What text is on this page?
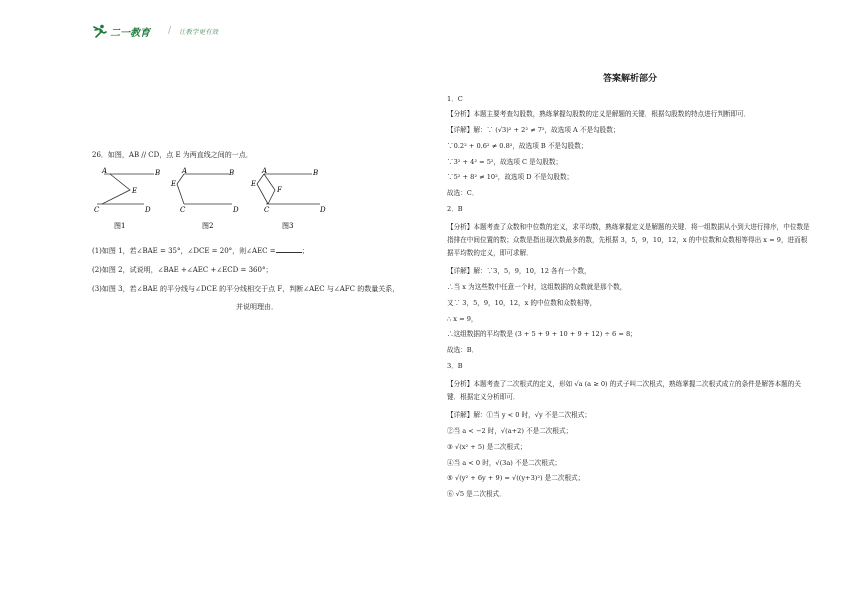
二一教育 / 让教学更有效
26．如图，AB // CD，点 E 为两直线之间的一点．
A	B
E
C	D
A	B
E
C	D
A	B
E
F
C	D
图1	图2	图3
(1)如图 1，若∠BAE = 35°，∠DCE = 20°，则∠AEC =	；
(2)如图 2，试说明，∠BAE +∠AEC +∠ECD = 360°；
(3)如图 3，若∠BAE 的平分线与∠DCE 的平分线相交于点 F，判断∠AEC 与∠AFC 的数量关系，
并说明理由．
答案解析部分
1．C
【分析】本题主要考查勾股数，熟练掌握勾股数的定义是解题的关键．根据勾股数的特点进行判断即可．
【详解】解：∵ (√3)² + 2² ≠ 7²，故选项 A 不是勾股数；
∵0.2² + 0.6² ≠ 0.8²，故选项 B 不是勾股数；
∵3² + 4² = 5²，故选项 C 是勾股数；
∵5² + 8² ≠ 10²，故选项 D 不是勾股数；
故选：C．
2．B
【分析】本题考查了众数和中位数的定义，求平均数，熟练掌握定义是解题的关键．将一组数据从小到大进行排序，中位数是指排在中间位置的数；众数是指出现次数最多的数，先根据 3，5，9，10，12，x 的中位数和众数相等得出 x = 9，进而根据平均数的定义，即可求解．
【详解】解：∵3，5，9，10，12 各有一个数，
∴当 x 为这些数中任意一个时，这组数据的众数就是那个数，
又∵ 3，5，9，10，12，x 的中位数和众数相等，
∴ x = 9，
∴这组数据的平均数是 (3 + 5 + 9 + 10 + 9 + 12) ÷ 6 = 8；
故选：B．
3．B
【分析】本题考查了二次根式的定义，形如 √a (a ≥ 0) 的式子叫二次根式，熟练掌握二次根式成立的条件是解答本题的关键．根据定义分析即可．
【详解】解：①当 y < 0 时，√y 不是二次根式；
②当 a < −2 时，√(a+2) 不是二次根式；
③ √(x² + 5) 是二次根式；
④当 a < 0 时，√(3a) 不是二次根式；
⑤ √(y² + 6y + 9) = √((y+3)²) 是二次根式；
⑥ √5 是二次根式．
